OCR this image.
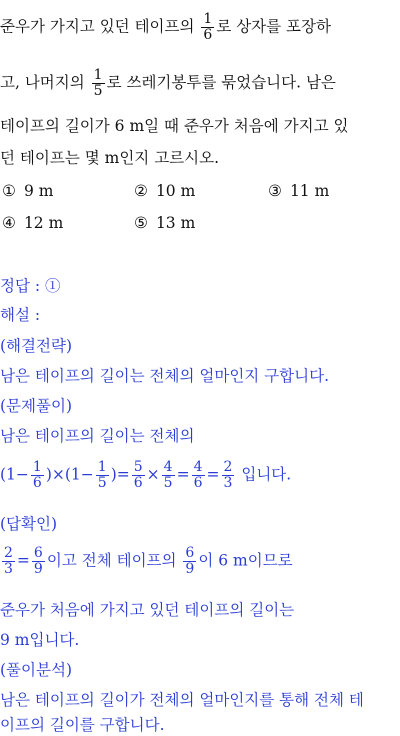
준우가 가지고 있던 테이프의 $\frac{1}{6}$ 로 상자를 포장하
고, 나머지의 $\frac{1}{5}$ 로 쓰레기봉투를 묶었습니다. 남은
테이프의 길이가 6 m일 때 준우가 처음에 가지고 있
던 테이프는 몇 m인지 고르시오.
① 9 m	② 10 m	③ 11 m
④ 12 m	⑤ 13 m
정답 : ①
해설 :
(해결전략)
남은 테이프의 길이는 전체의 얼마인지 구합니다.
(문제풀이)
남은 테이프의 길이는 전체의
$(1- \frac{1}{6} )\times(1- \frac{1}{5}$ )= $\frac{5}{6} \times \frac{4}{5} = \frac{4}{6} = \frac{2}{3}$ 입니다.
(답확인)
$\frac{2}{3} = \frac{6}{9}$ 이고 전체 테이프의 $\frac{6}{9}$ 이 6 m이므로
준우가 처음에 가지고 있던 테이프의 길이는
9 m입니다.
(풀이분석)
남은 테이프의 길이가 전체의 얼마인지를 통해 전체 테
이프의 길이를 구합니다.
